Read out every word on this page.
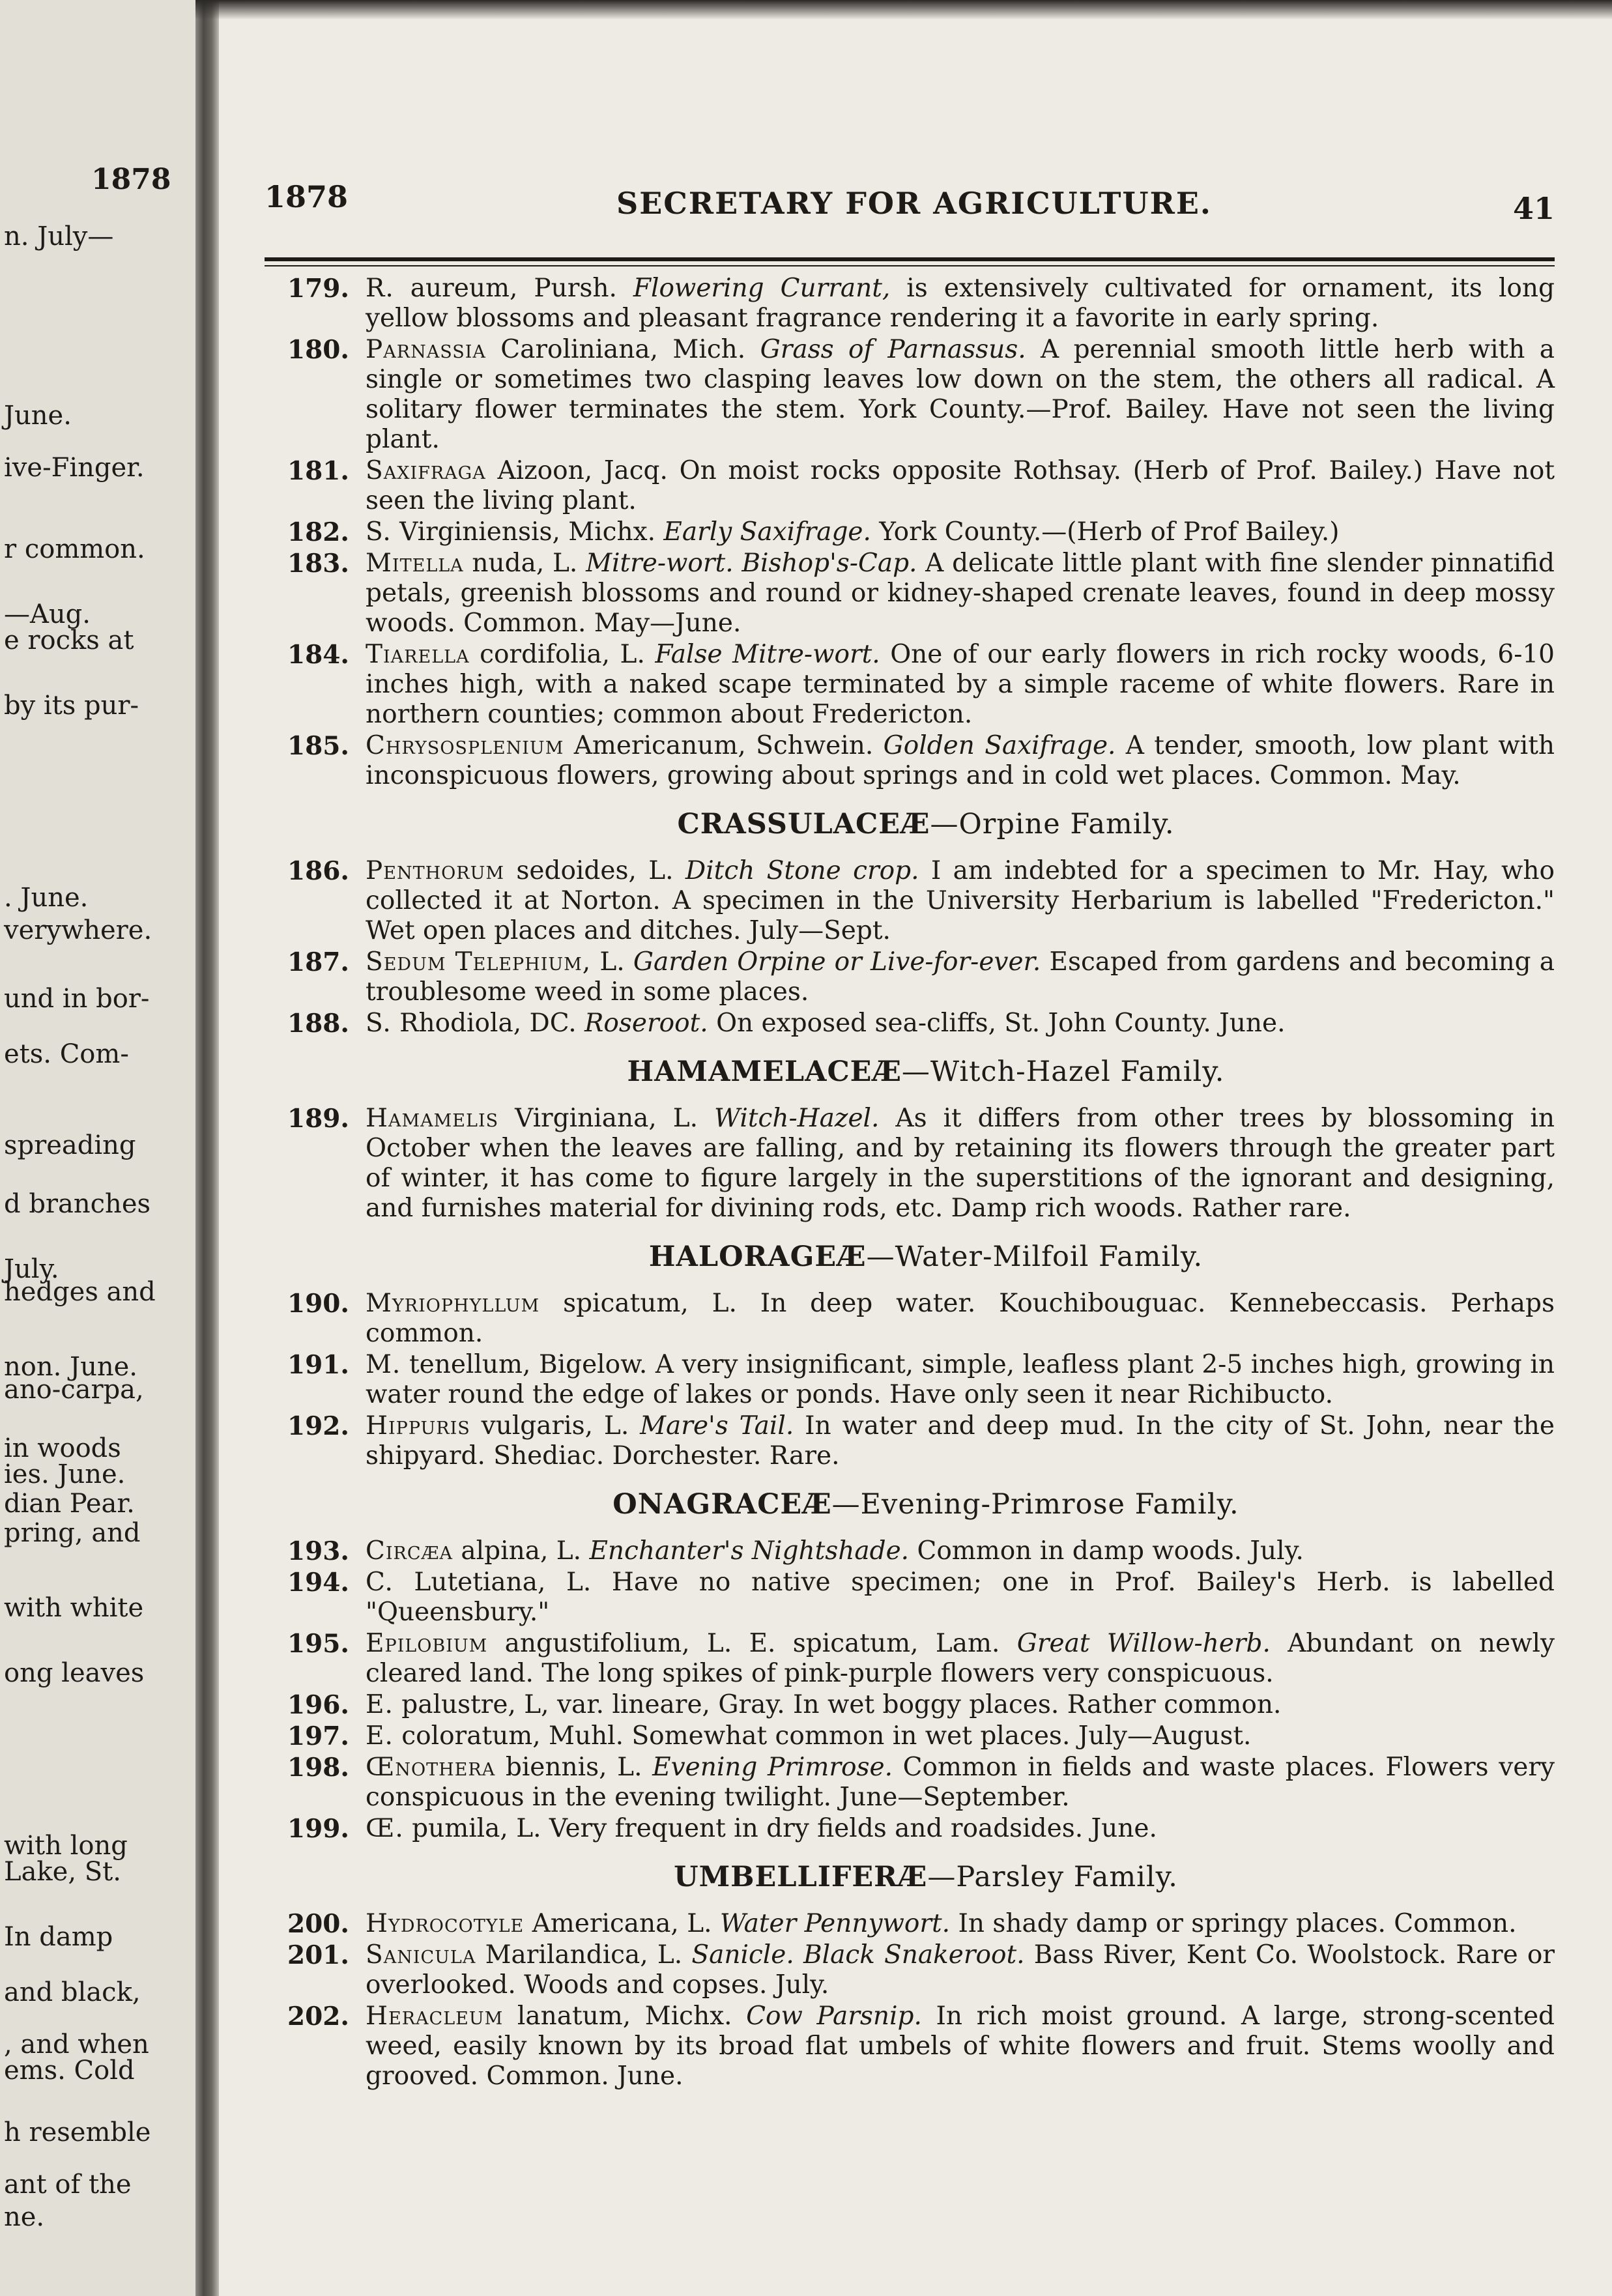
1878
n. July—
June.
ive-Finger.
r common.
—Aug.
e rocks at
by its pur-
. June.
verywhere.
und in bor-
ets. Com-
spreading
d branches
July.
hedges and
non. June.
ano-carpa,
in woods
ies. June.
dian Pear.
pring, and
with white
ong leaves
with long
Lake, St.
In damp
and black,
, and when
ems. Cold
h resemble
ant of the
ne.
1878	SECRETARY FOR AGRICULTURE.	41
179. R. aureum, Pursh. Flowering Currant, is extensively cultivated for ornament, its long yellow blossoms and pleasant fragrance rendering it a favorite in early spring.
180. Parnassia Caroliniana, Mich. Grass of Parnassus. A perennial smooth little herb with a single or sometimes two clasping leaves low down on the stem, the others all radical. A solitary flower terminates the stem. York County.—Prof. Bailey. Have not seen the living plant.
181. Saxifraga Aizoon, Jacq. On moist rocks opposite Rothsay. (Herb of Prof. Bailey.) Have not seen the living plant.
182. S. Virginiensis, Michx. Early Saxifrage. York County.—(Herb of Prof Bailey.)
183. Mitella nuda, L. Mitre-wort. Bishop's-Cap. A delicate little plant with fine slender pinnatifid petals, greenish blossoms and round or kidney-shaped crenate leaves, found in deep mossy woods. Common. May—June.
184. Tiarella cordifolia, L. False Mitre-wort. One of our early flowers in rich rocky woods, 6-10 inches high, with a naked scape terminated by a simple raceme of white flowers. Rare in northern counties; common about Fredericton.
185. Chrysosplenium Americanum, Schwein. Golden Saxifrage. A tender, smooth, low plant with inconspicuous flowers, growing about springs and in cold wet places. Common. May.
CRASSULACEÆ—Orpine Family.
186. Penthorum sedoides, L. Ditch Stone crop. I am indebted for a specimen to Mr. Hay, who collected it at Norton. A specimen in the University Herbarium is labelled "Fredericton." Wet open places and ditches. July—Sept.
187. Sedum Telephium, L. Garden Orpine or Live-for-ever. Escaped from gardens and becoming a troublesome weed in some places.
188. S. Rhodiola, DC. Roseroot. On exposed sea-cliffs, St. John County. June.
HAMAMELACEÆ—Witch-Hazel Family.
189. Hamamelis Virginiana, L. Witch-Hazel. As it differs from other trees by blossoming in October when the leaves are falling, and by retaining its flowers through the greater part of winter, it has come to figure largely in the superstitions of the ignorant and designing, and furnishes material for divining rods, etc. Damp rich woods. Rather rare.
HALORAGEÆ—Water-Milfoil Family.
190. Myriophyllum spicatum, L. In deep water. Kouchibouguac. Kennebeccasis. Perhaps common.
191. M. tenellum, Bigelow. A very insignificant, simple, leafless plant 2-5 inches high, growing in water round the edge of lakes or ponds. Have only seen it near Richibucto.
192. Hippuris vulgaris, L. Mare's Tail. In water and deep mud. In the city of St. John, near the shipyard. Shediac. Dorchester. Rare.
ONAGRACEÆ—Evening-Primrose Family.
193. Circæa alpina, L. Enchanter's Nightshade. Common in damp woods. July.
194. C. Lutetiana, L. Have no native specimen; one in Prof. Bailey's Herb. is labelled "Queensbury."
195. Epilobium angustifolium, L. E. spicatum, Lam. Great Willow-herb. Abundant on newly cleared land. The long spikes of pink-purple flowers very conspicuous.
196. E. palustre, L, var. lineare, Gray. In wet boggy places. Rather common.
197. E. coloratum, Muhl. Somewhat common in wet places. July—August.
198. Œnothera biennis, L. Evening Primrose. Common in fields and waste places. Flowers very conspicuous in the evening twilight. June—September.
199. Œ. pumila, L. Very frequent in dry fields and roadsides. June.
UMBELLIFERÆ—Parsley Family.
200. Hydrocotyle Americana, L. Water Pennywort. In shady damp or springy places. Common.
201. Sanicula Marilandica, L. Sanicle. Black Snakeroot. Bass River, Kent Co. Woolstock. Rare or overlooked. Woods and copses. July.
202. Heracleum lanatum, Michx. Cow Parsnip. In rich moist ground. A large, strong-scented weed, easily known by its broad flat umbels of white flowers and fruit. Stems woolly and grooved. Common. June.
